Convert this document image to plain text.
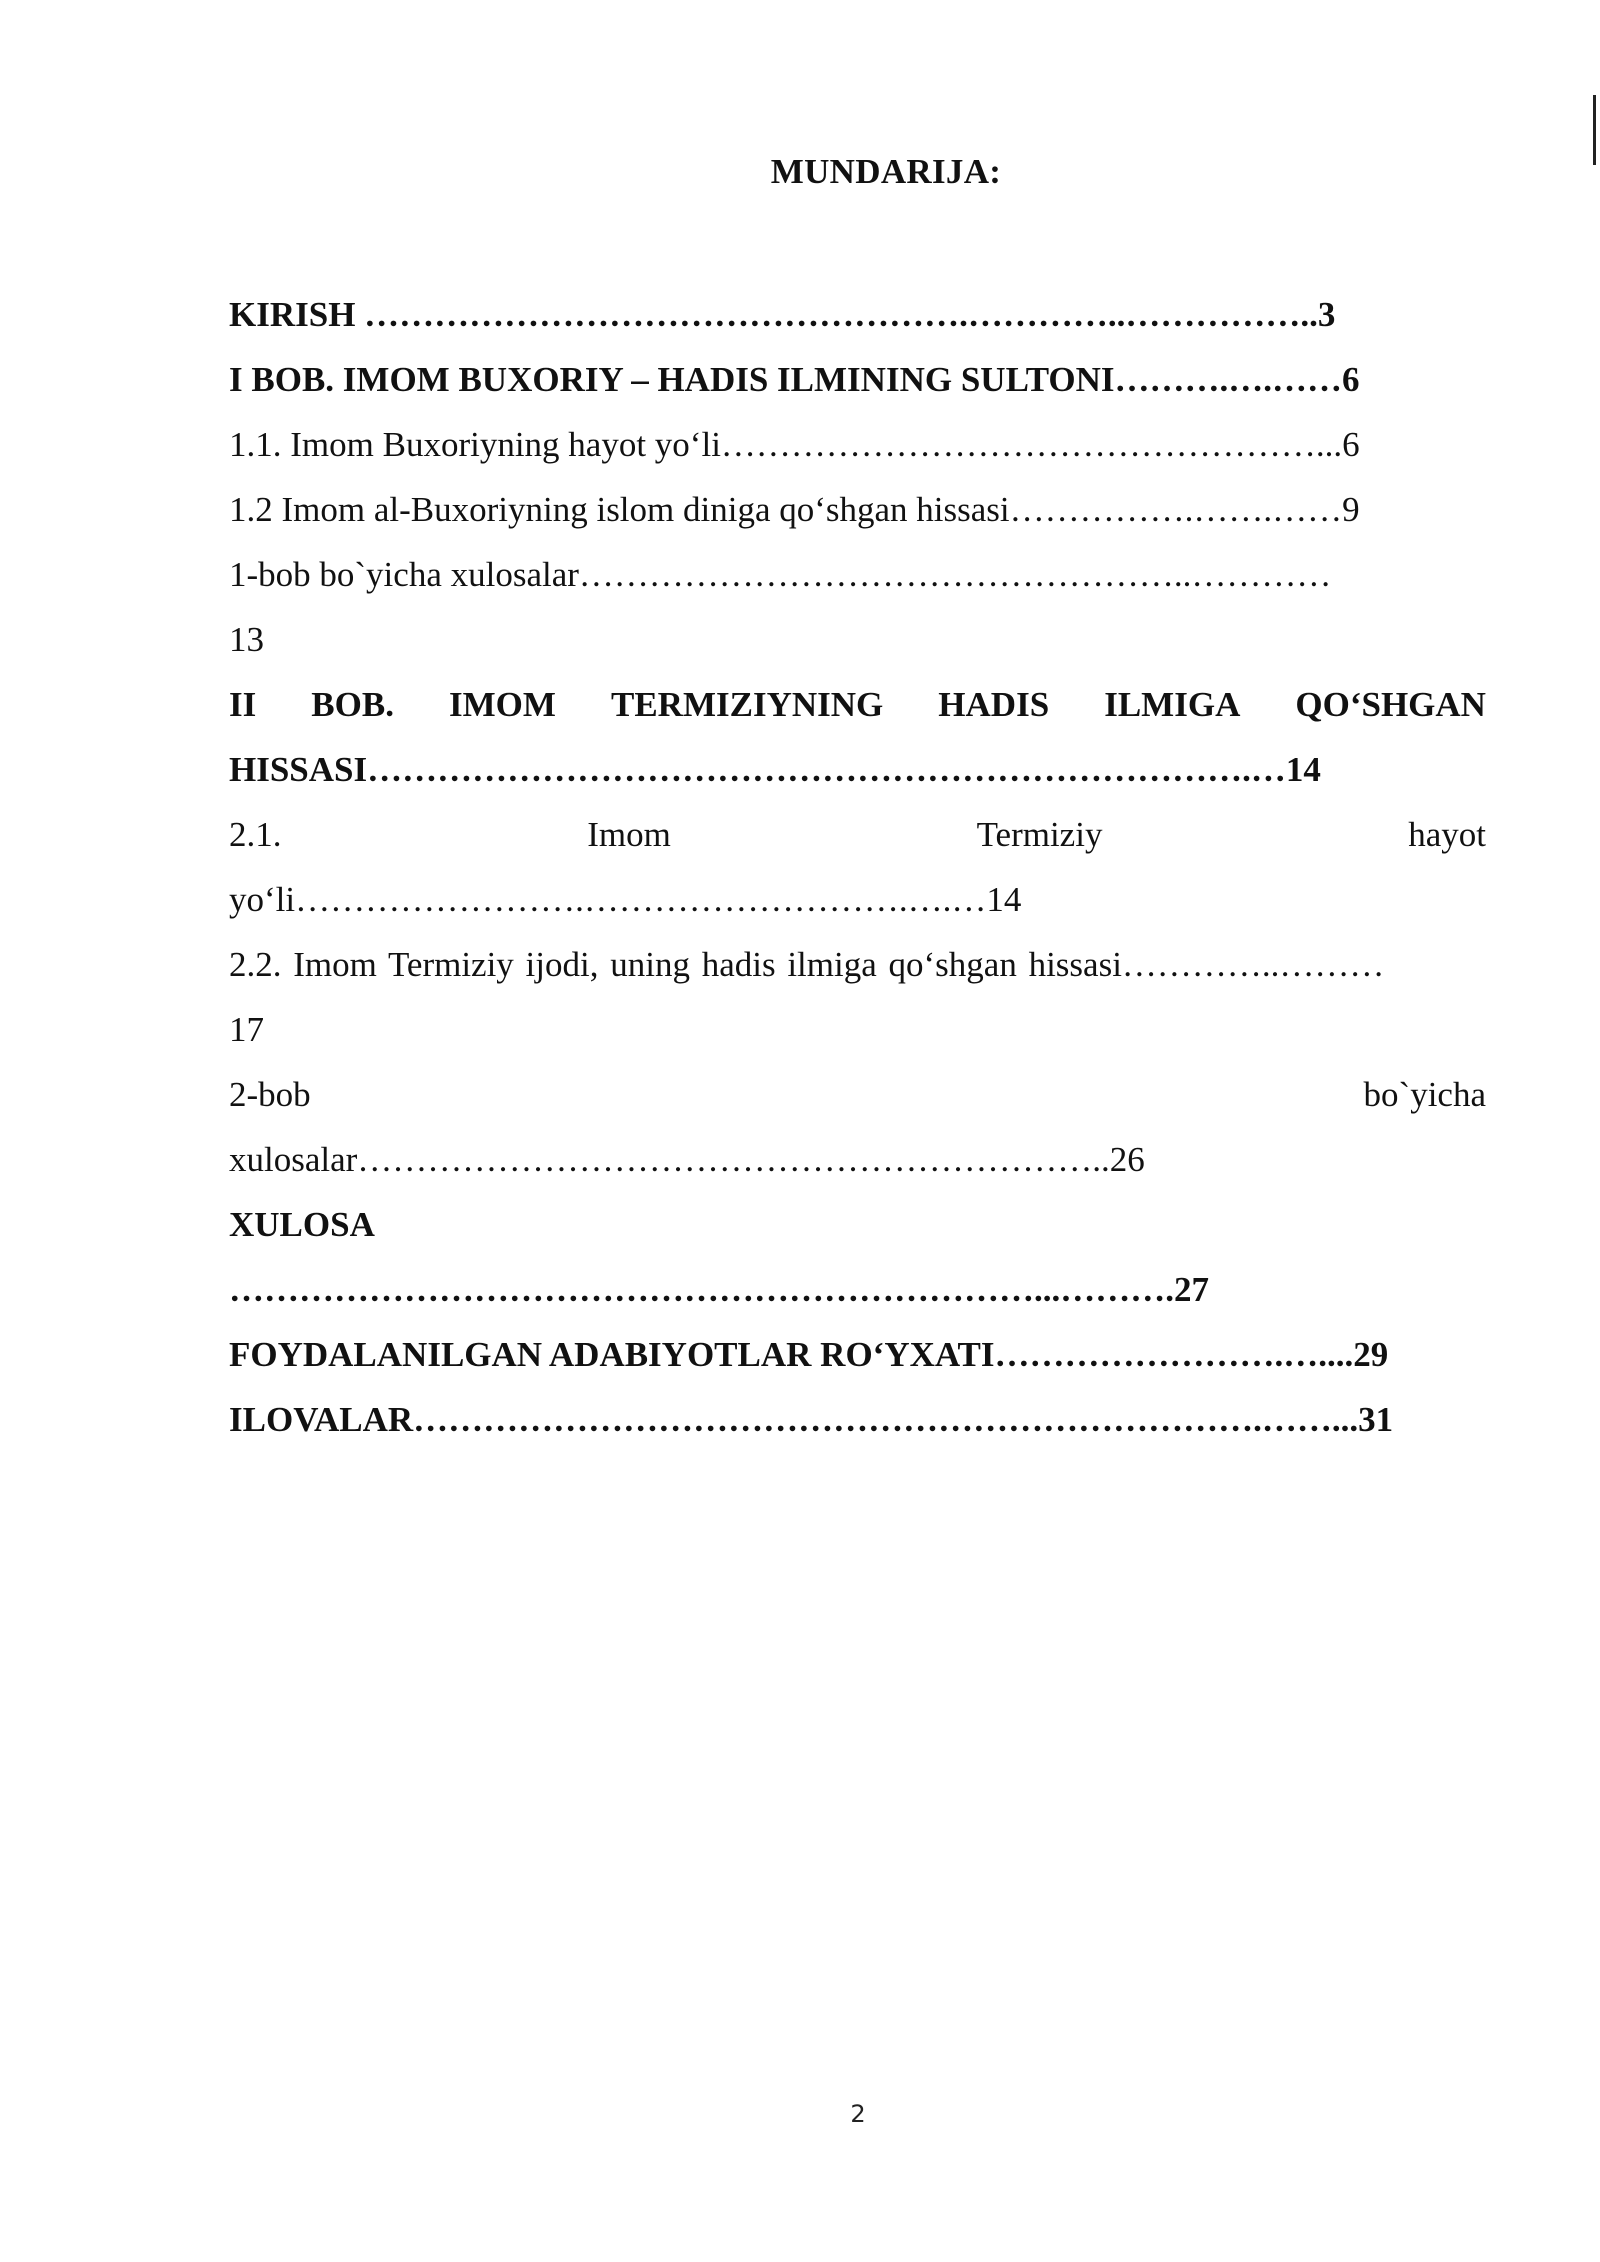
MUNDARIJA:
KIRISH …………………………………………….…………..……………..3
I BOB. IMOM BUXORIY – HADIS ILMINING SULTONI……….….……6
1.1. Imom Buxoriyning hayot yo‘li……………………………………………...6
1.2 Imom al-Buxoriyning islom diniga qo‘shgan hissasi…………….…….……9
1-bob bo`yicha xulosalar……………………………………………..…………
13
II BOB. IMOM TERMIZIYNING HADIS ILMIGA QO‘SHGAN
HISSASI………………………………………………………………….…14
2.1.	Imom	Termiziy	hayot
yo‘li…………………….……………………….….…14
2.2. Imom Termiziy ijodi, uning hadis ilmiga qo‘shgan hissasi…………..………
17
2-bob	bo`yicha
xulosalar………………………………………………………..26
XULOSA
……………………………………………………………...……….27
FOYDALANILGAN ADABIYOTLAR RO‘YXATI…………………….…....29
ILOVALAR……………………………………………………………….……...31
2
